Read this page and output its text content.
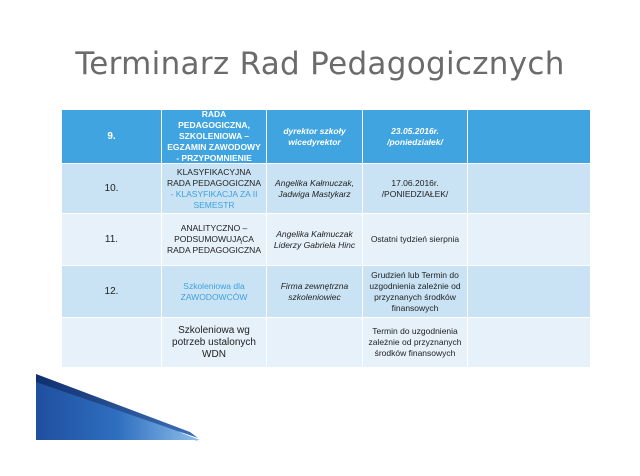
Terminarz Rad Pedagogicznych
9.
RADA PEDAGOGICZNA, SZKOLENIOWA – EGZAMIN ZAWODOWY - PRZYPOMNIENIE
dyrektor szkoły wicedyrektor
23.05.2016r. /poniedziałek/
10.
KLASYFIKACYJNA RADA PEDAGOGICZNA
- KLASYFIKACJA ZA II SEMESTR
Angelika Kałmuczak, Jadwiga Mastykarz
17.06.2016r. /PONIEDZIAŁEK/
11.
ANALITYCZNO – PODSUMOWUJĄCA RADA PEDAGOGICZNA
Angelika Kałmuczak Liderzy Gabriela Hinc
Ostatni tydzień sierpnia
12.
Szkoleniowa dla ZAWODOWCÓW
Firma zewnętrzna szkoleniowiec
Grudzień lub Termin do uzgodnienia zależnie od przyznanych środków finansowych
Szkoleniowa wg potrzeb ustalonych WDN
Termin do uzgodnienia zależnie od przyznanych środków finansowych
